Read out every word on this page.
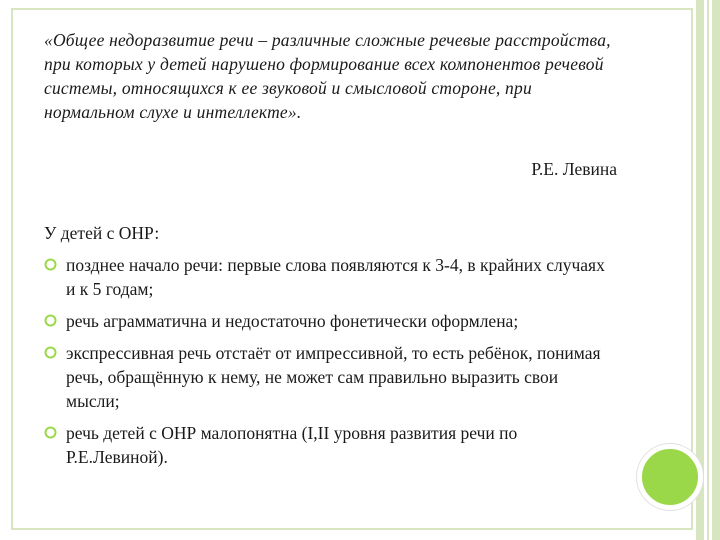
«Общее недоразвитие речи – различные сложные речевые расстройства, при которых у детей нарушено формирование всех компонентов речевой системы, относящихся к ее звуковой и смысловой стороне, при нормальном слухе и интеллекте».
Р.Е. Левина
У детей с ОНР:
позднее начало речи: первые слова появляются к 3-4, в крайних случаях и к 5 годам;
речь аграмматична и недостаточно фонетически оформлена;
экспрессивная речь отстаёт от импрессивной, то есть ребёнок, понимая речь, обращённую к нему, не может сам правильно выразить свои мысли;
речь детей с ОНР малопонятна (I,II уровня развития речи по Р.Е.Левиной).
